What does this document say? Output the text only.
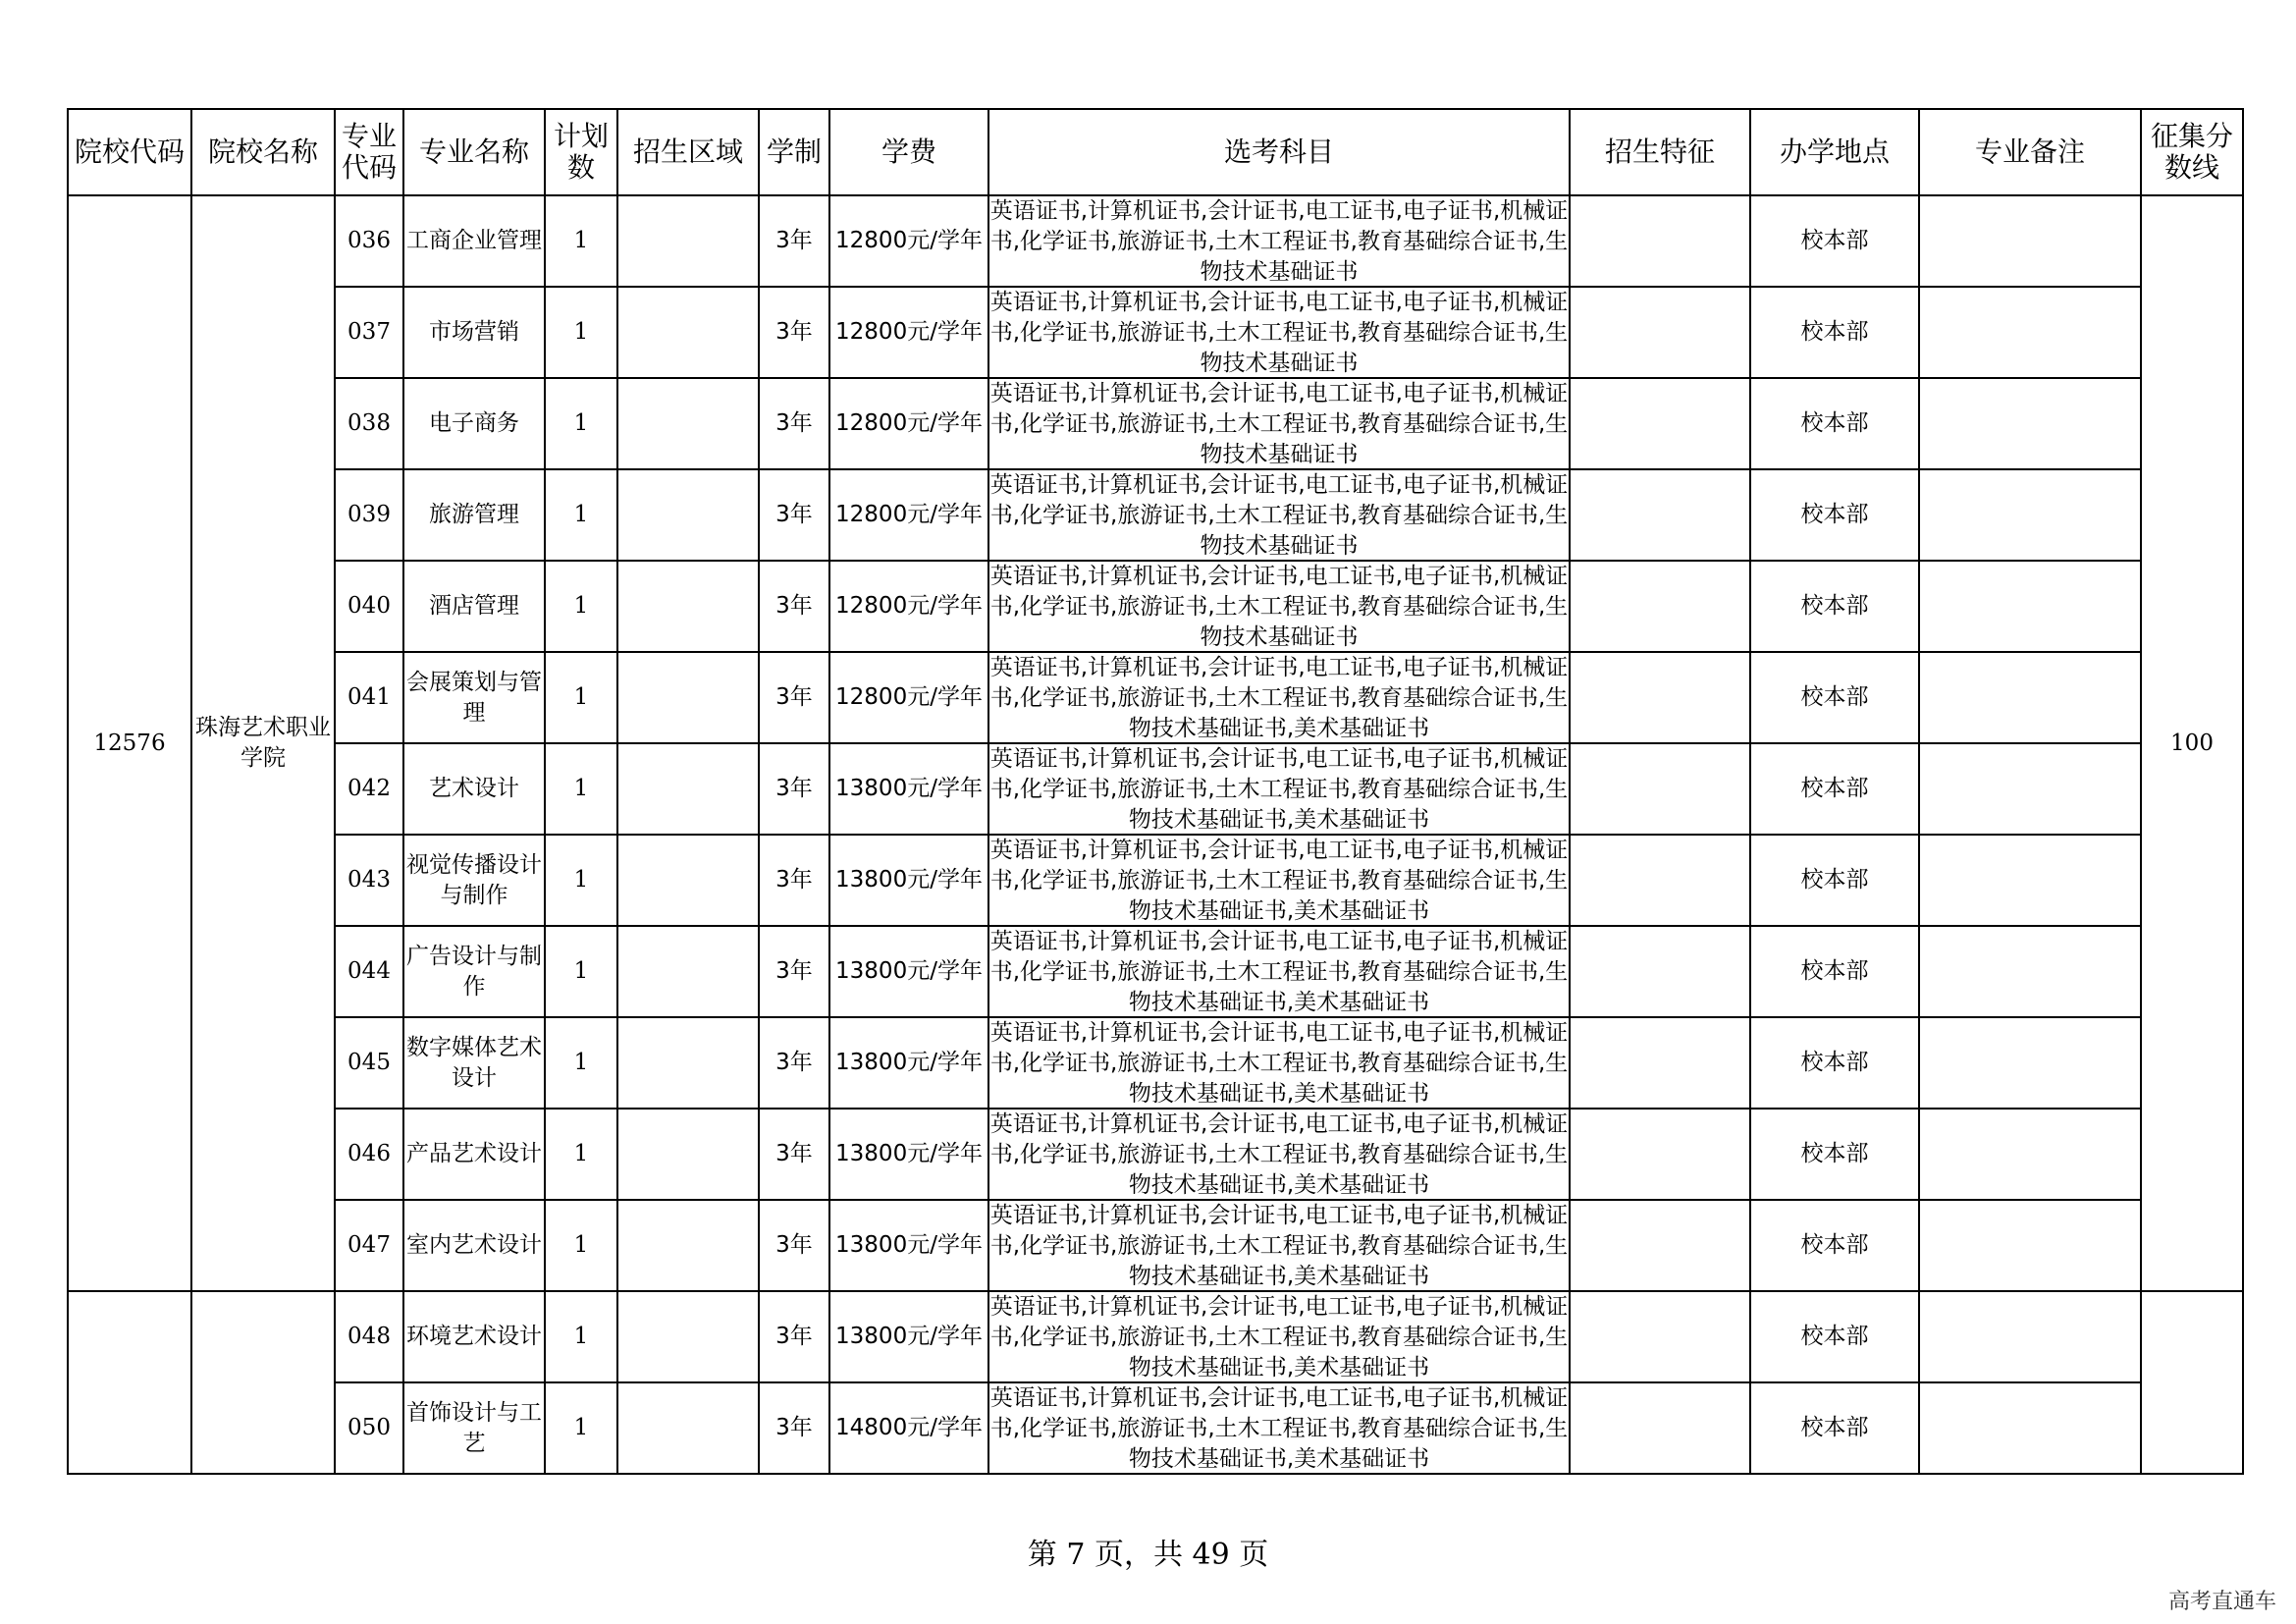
院校代码	院校名称	专业代码	专业名称	计划数	招生区域	学制	学费	选考科目	招生特征	办学地点	专业备注	征集分数线
12576	珠海艺术职业学院	036	工商企业管理	1		3年	12800元/学年	英语证书,计算机证书,会计证书,电工证书,电子证书,机械证书,化学证书,旅游证书,土木工程证书,教育基础综合证书,生物技术基础证书		校本部		100
		037	市场营销	1		3年	12800元/学年	英语证书,计算机证书,会计证书,电工证书,电子证书,机械证书,化学证书,旅游证书,土木工程证书,教育基础综合证书,生物技术基础证书		校本部		
		038	电子商务	1		3年	12800元/学年	英语证书,计算机证书,会计证书,电工证书,电子证书,机械证书,化学证书,旅游证书,土木工程证书,教育基础综合证书,生物技术基础证书		校本部		
		039	旅游管理	1		3年	12800元/学年	英语证书,计算机证书,会计证书,电工证书,电子证书,机械证书,化学证书,旅游证书,土木工程证书,教育基础综合证书,生物技术基础证书		校本部		
		040	酒店管理	1		3年	12800元/学年	英语证书,计算机证书,会计证书,电工证书,电子证书,机械证书,化学证书,旅游证书,土木工程证书,教育基础综合证书,生物技术基础证书		校本部		
		041	会展策划与管理	1		3年	12800元/学年	英语证书,计算机证书,会计证书,电工证书,电子证书,机械证书,化学证书,旅游证书,土木工程证书,教育基础综合证书,生物技术基础证书,美术基础证书		校本部		
		042	艺术设计	1		3年	13800元/学年	英语证书,计算机证书,会计证书,电工证书,电子证书,机械证书,化学证书,旅游证书,土木工程证书,教育基础综合证书,生物技术基础证书,美术基础证书		校本部		
		043	视觉传播设计与制作	1		3年	13800元/学年	英语证书,计算机证书,会计证书,电工证书,电子证书,机械证书,化学证书,旅游证书,土木工程证书,教育基础综合证书,生物技术基础证书,美术基础证书		校本部		
		044	广告设计与制作	1		3年	13800元/学年	英语证书,计算机证书,会计证书,电工证书,电子证书,机械证书,化学证书,旅游证书,土木工程证书,教育基础综合证书,生物技术基础证书,美术基础证书		校本部		
		045	数字媒体艺术设计	1		3年	13800元/学年	英语证书,计算机证书,会计证书,电工证书,电子证书,机械证书,化学证书,旅游证书,土木工程证书,教育基础综合证书,生物技术基础证书,美术基础证书		校本部		
		046	产品艺术设计	1		3年	13800元/学年	英语证书,计算机证书,会计证书,电工证书,电子证书,机械证书,化学证书,旅游证书,土木工程证书,教育基础综合证书,生物技术基础证书,美术基础证书		校本部		
		047	室内艺术设计	1		3年	13800元/学年	英语证书,计算机证书,会计证书,电工证书,电子证书,机械证书,化学证书,旅游证书,土木工程证书,教育基础综合证书,生物技术基础证书,美术基础证书		校本部		
		048	环境艺术设计	1		3年	13800元/学年	英语证书,计算机证书,会计证书,电工证书,电子证书,机械证书,化学证书,旅游证书,土木工程证书,教育基础综合证书,生物技术基础证书,美术基础证书		校本部		
		050	首饰设计与工艺	1		3年	14800元/学年	英语证书,计算机证书,会计证书,电工证书,电子证书,机械证书,化学证书,旅游证书,土木工程证书,教育基础综合证书,生物技术基础证书,美术基础证书		校本部		
第 7 页，共 49 页
高考直通车
